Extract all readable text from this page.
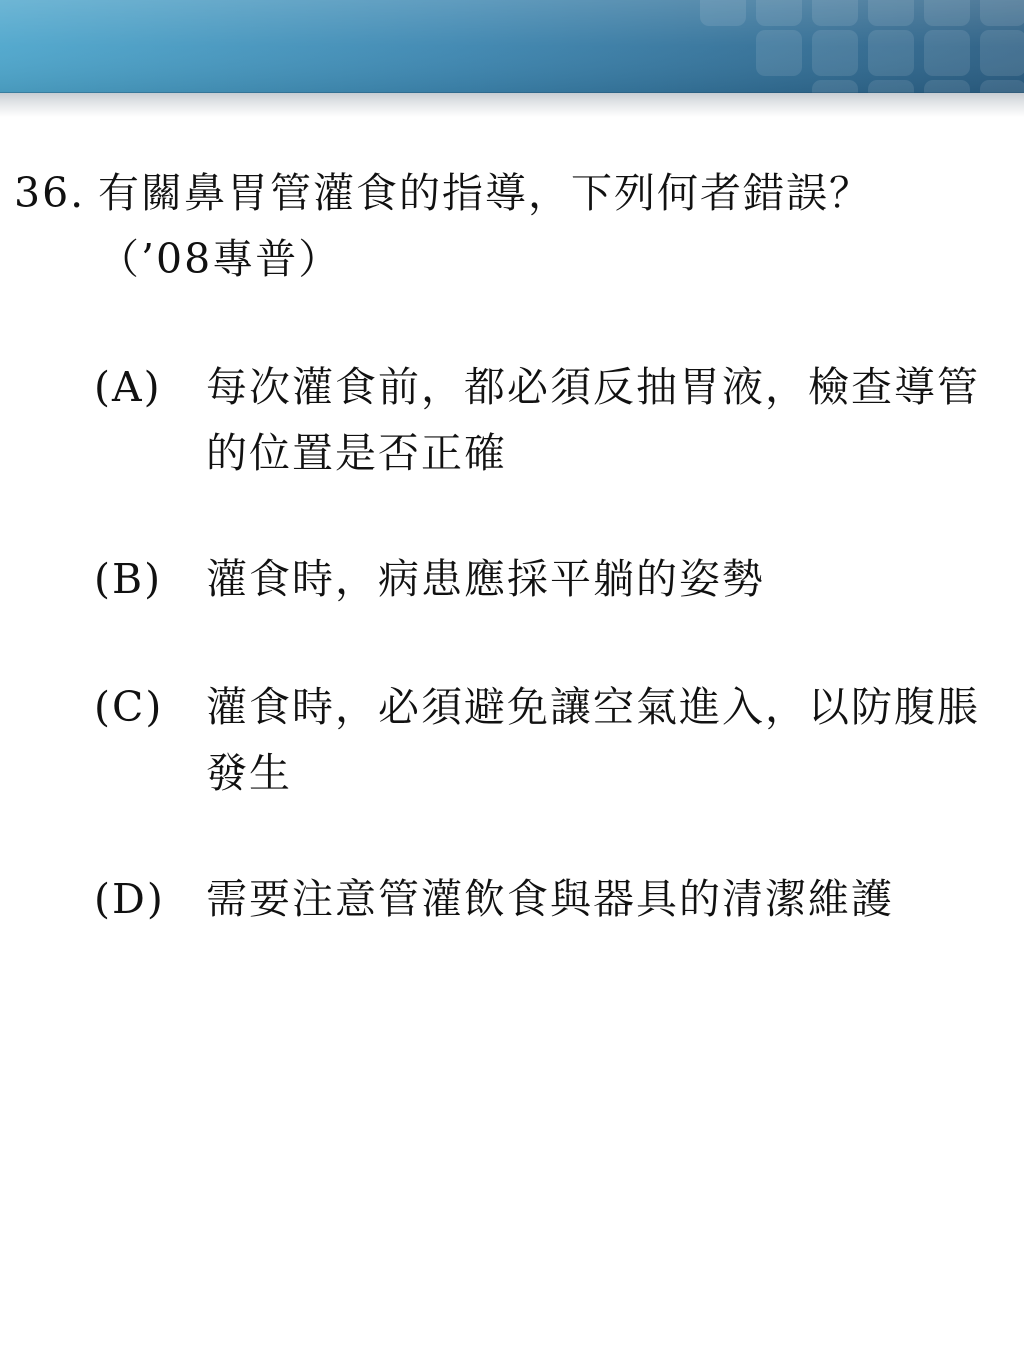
36. 有關鼻胃管灌食的指導，下列何者錯誤？（’08專普）
(A)	每次灌食前，都必須反抽胃液，檢查導管的位置是否正確
(B)	灌食時，病患應採平躺的姿勢
(C)	灌食時，必須避免讓空氣進入，以防腹脹發生
(D)	需要注意管灌飲食與器具的清潔維護
